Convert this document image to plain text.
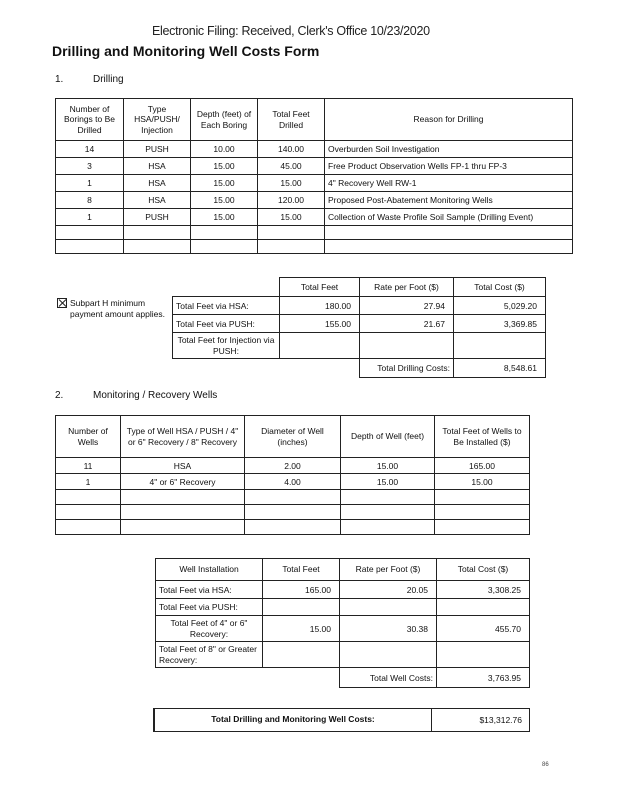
Electronic Filing: Received, Clerk's Office 10/23/2020
Drilling and Monitoring Well Costs Form
1.	Drilling
Number of Borings to Be Drilled	Type HSA/PUSH/ Injection	Depth (feet) of Each Boring	Total Feet Drilled	Reason for Drilling
14	PUSH	10.00	140.00	Overburden Soil Investigation
3	HSA	15.00	45.00	Free Product Observation Wells FP-1 thru FP-3
1	HSA	15.00	15.00	4" Recovery Well RW-1
8	HSA	15.00	120.00	Proposed Post-Abatement Monitoring Wells
1	PUSH	15.00	15.00	Collection of Waste Profile Soil Sample (Drilling Event)

Subpart H minimum payment amount applies.
	Total Feet	Rate per Foot ($)	Total Cost ($)
Total Feet via HSA:	180.00	27.94	5,029.20
Total Feet via PUSH:	155.00	21.67	3,369.85
Total Feet for Injection via PUSH:			
		Total Drilling Costs:	8,548.61
2.	Monitoring / Recovery Wells
Number of Wells	Type of Well HSA / PUSH / 4" or 6" Recovery / 8" Recovery	Diameter of Well (inches)	Depth of Well (feet)	Total Feet of Wells to Be Installed ($)
11	HSA	2.00	15.00	165.00
1	4" or 6" Recovery	4.00	15.00	15.00

Well Installation	Total Feet	Rate per Foot ($)	Total Cost ($)
Total Feet via HSA:	165.00	20.05	3,308.25
Total Feet via PUSH:			
Total Feet of 4" or 6" Recovery:	15.00	30.38	455.70
Total Feet of 8" or Greater Recovery:			
		Total Well Costs:	3,763.95
Total Drilling and Monitoring Well Costs:	$13,312.76
86
